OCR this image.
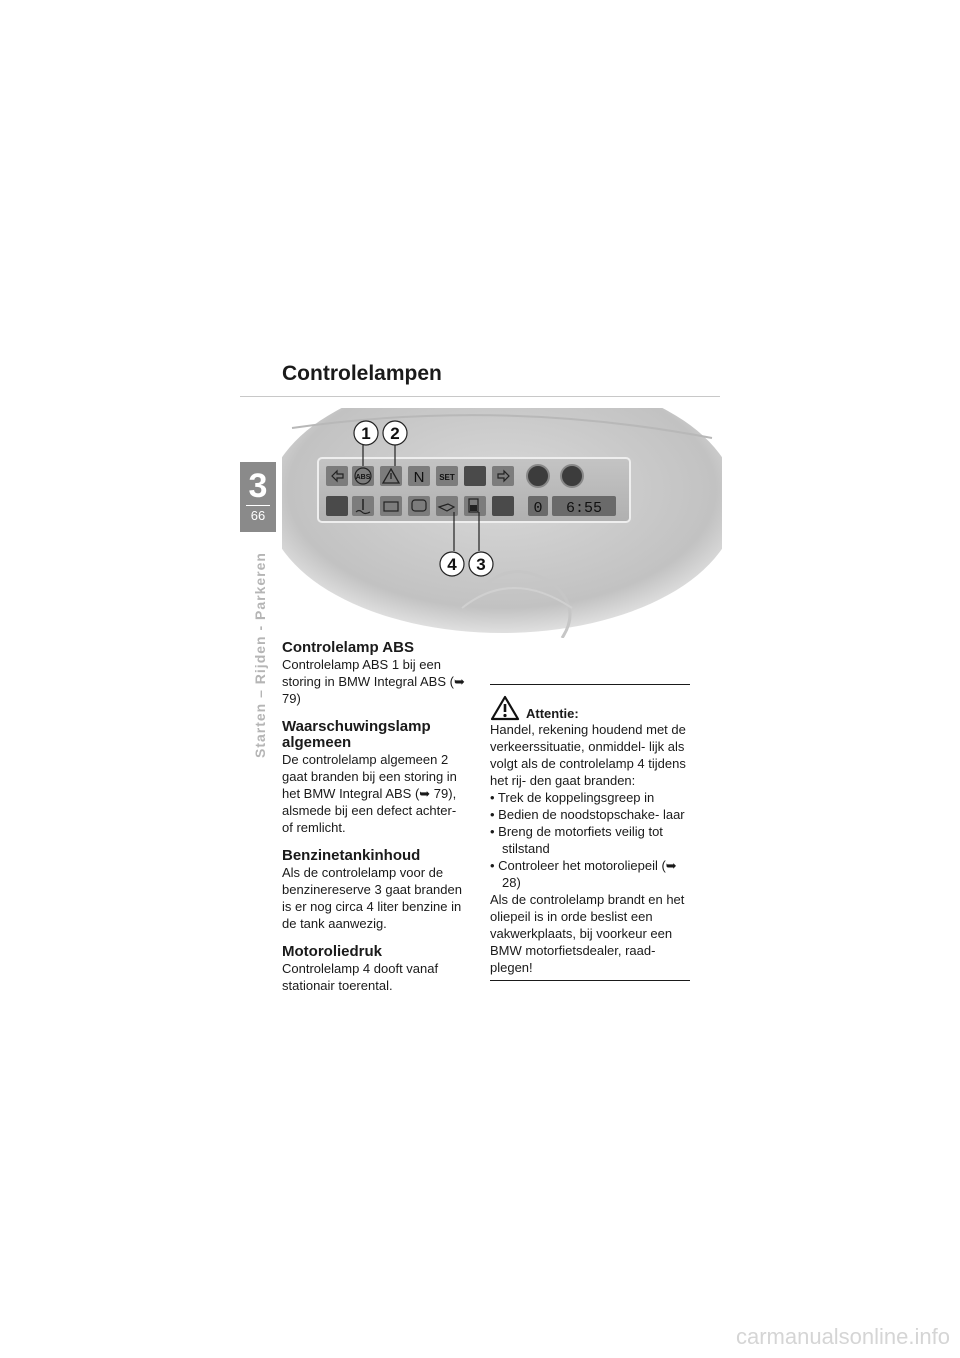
Controlelampen
3
66
Starten – Rijden - Parkeren
ABS	N SET
0 6:55
1 2
4 3
Controlelamp ABS

Controlelamp ABS 1 bij een storing in BMW Integral ABS (➥ 79)

Waarschuwingslamp algemeen

De controlelamp algemeen 2 gaat branden bij een storing in het BMW Integral ABS (➥ 79), alsmede bij een defect achter- of remlicht.

Benzinetankinhoud

Als de controlelamp voor de benzinereserve 3 gaat branden is er nog circa 4 liter benzine in de tank aanwezig.

Motoroliedruk

Controlelamp 4 dooft vanaf stationair toerental.

Attentie:

Handel, rekening houdend met de verkeerssituatie, onmiddel- lijk als volgt als de controlelamp 4 tijdens het rij- den gaat branden:

• Trek de koppelingsgreep in
• Bedien de noodstopschake- laar
• Breng de motorfiets veilig tot stilstand
• Controleer het motoroliepeil (➥ 28)

Als de controlelamp brandt en het oliepeil is in orde beslist een vakwerkplaats, bij voorkeur een BMW motorfietsdealer, raad- plegen!

carmanualsonline.info
